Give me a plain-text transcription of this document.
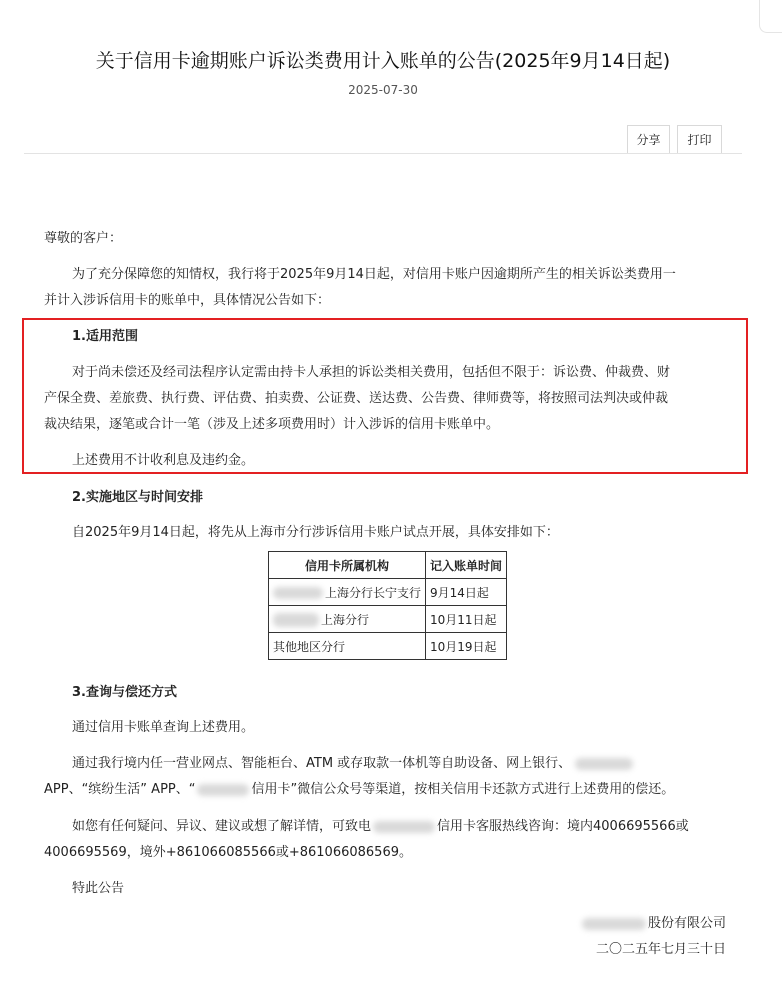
关于信用卡逾期账户诉讼类费用计入账单的公告(2025年9月14日起)
2025-07-30
分享	打印
尊敬的客户：
为了充分保障您的知情权，我行将于2025年9月14日起，对信用卡账户因逾期所产生的相关诉讼类费用一
并计入涉诉信用卡的账单中，具体情况公告如下：
1.适用范围
对于尚未偿还及经司法程序认定需由持卡人承担的诉讼类相关费用，包括但不限于：诉讼费、仲裁费、财
产保全费、差旅费、执行费、评估费、拍卖费、公证费、送达费、公告费、律师费等，将按照司法判决或仲裁
裁决结果，逐笔或合计一笔（涉及上述多项费用时）计入涉诉的信用卡账单中。
上述费用不计收利息及违约金。
2.实施地区与时间安排
自2025年9月14日起，将先从上海市分行涉诉信用卡账户试点开展，具体安排如下：
信用卡所属机构	记入账单时间
上海分行长宁支行	9月14日起
上海分行	10月11日起
其他地区分行	10月19日起
3.查询与偿还方式
通过信用卡账单查询上述费用。
通过我行境内任一营业网点、智能柜台、ATM 或存取款一体机等自助设备、网上银行、
APP、“缤纷生活” APP、“	信用卡”微信公众号等渠道，按相关信用卡还款方式进行上述费用的偿还。
如您有任何疑问、异议、建议或想了解详情，可致电	信用卡客服热线咨询：境内4006695566或
4006695569，境外+861066085566或+861066086569。
特此公告
股份有限公司
二〇二五年七月三十日
